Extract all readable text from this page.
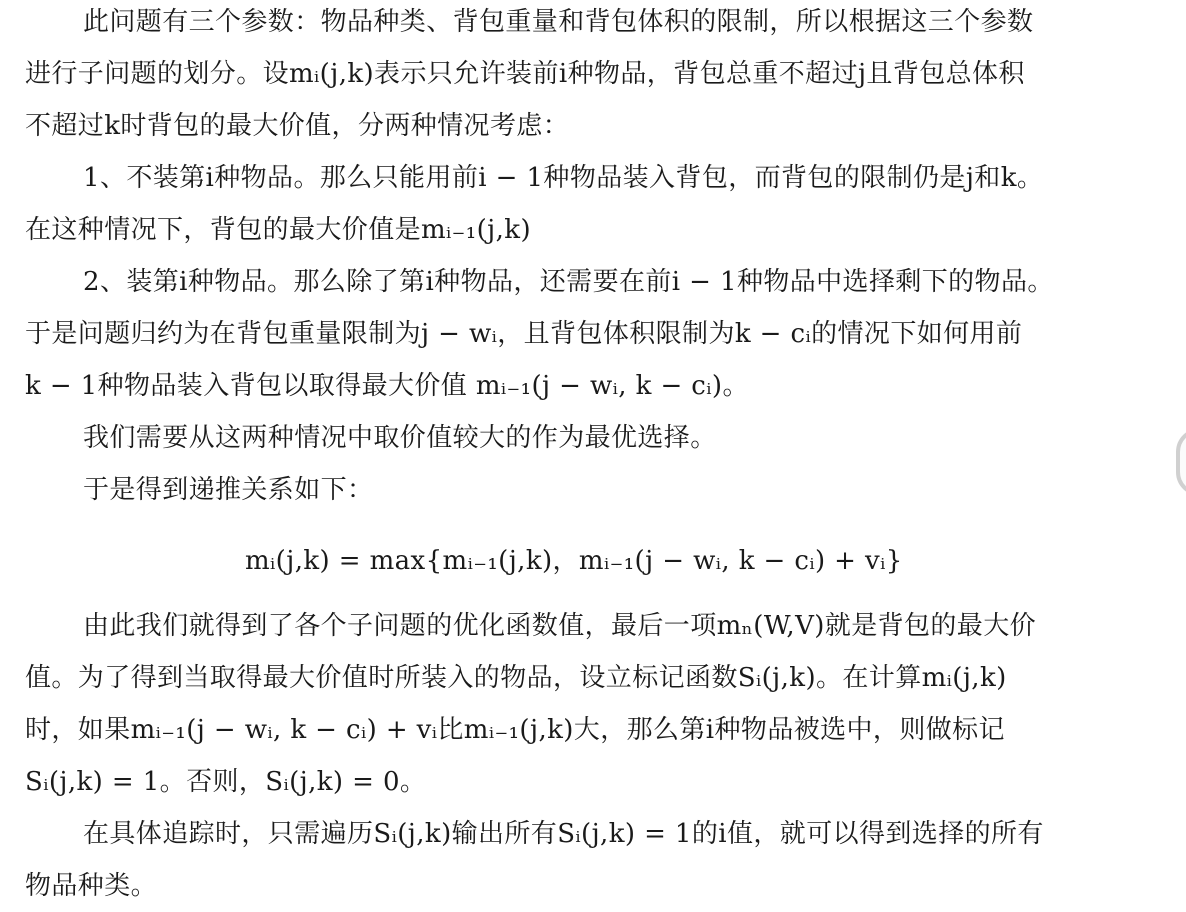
此问题有三个参数：物品种类、背包重量和背包体积的限制，所以根据这三个参数
进行子问题的划分。设mᵢ(j,k)表示只允许装前i种物品，背包总重不超过j且背包总体积
不超过k时背包的最大价值，分两种情况考虑：
1、不装第i种物品。那么只能用前i − 1种物品装入背包，而背包的限制仍是j和k。
在这种情况下，背包的最大价值是mᵢ₋₁(j,k)
2、装第i种物品。那么除了第i种物品，还需要在前i − 1种物品中选择剩下的物品。
于是问题归约为在背包重量限制为j − wᵢ，且背包体积限制为k − cᵢ的情况下如何用前
k − 1种物品装入背包以取得最大价值 mᵢ₋₁(j − wᵢ, k − cᵢ)。
我们需要从这两种情况中取价值较大的作为最优选择。
于是得到递推关系如下：
mᵢ(j,k) = max{mᵢ₋₁(j,k)，mᵢ₋₁(j − wᵢ, k − cᵢ) + vᵢ}
由此我们就得到了各个子问题的优化函数值，最后一项mₙ(W,V)就是背包的最大价
值。为了得到当取得最大价值时所装入的物品，设立标记函数Sᵢ(j,k)。在计算mᵢ(j,k)
时，如果mᵢ₋₁(j − wᵢ, k − cᵢ) + vᵢ比mᵢ₋₁(j,k)大，那么第i种物品被选中，则做标记
Sᵢ(j,k) = 1。否则，Sᵢ(j,k) = 0。
在具体追踪时，只需遍历Sᵢ(j,k)输出所有Sᵢ(j,k) = 1的i值，就可以得到选择的所有
物品种类。
